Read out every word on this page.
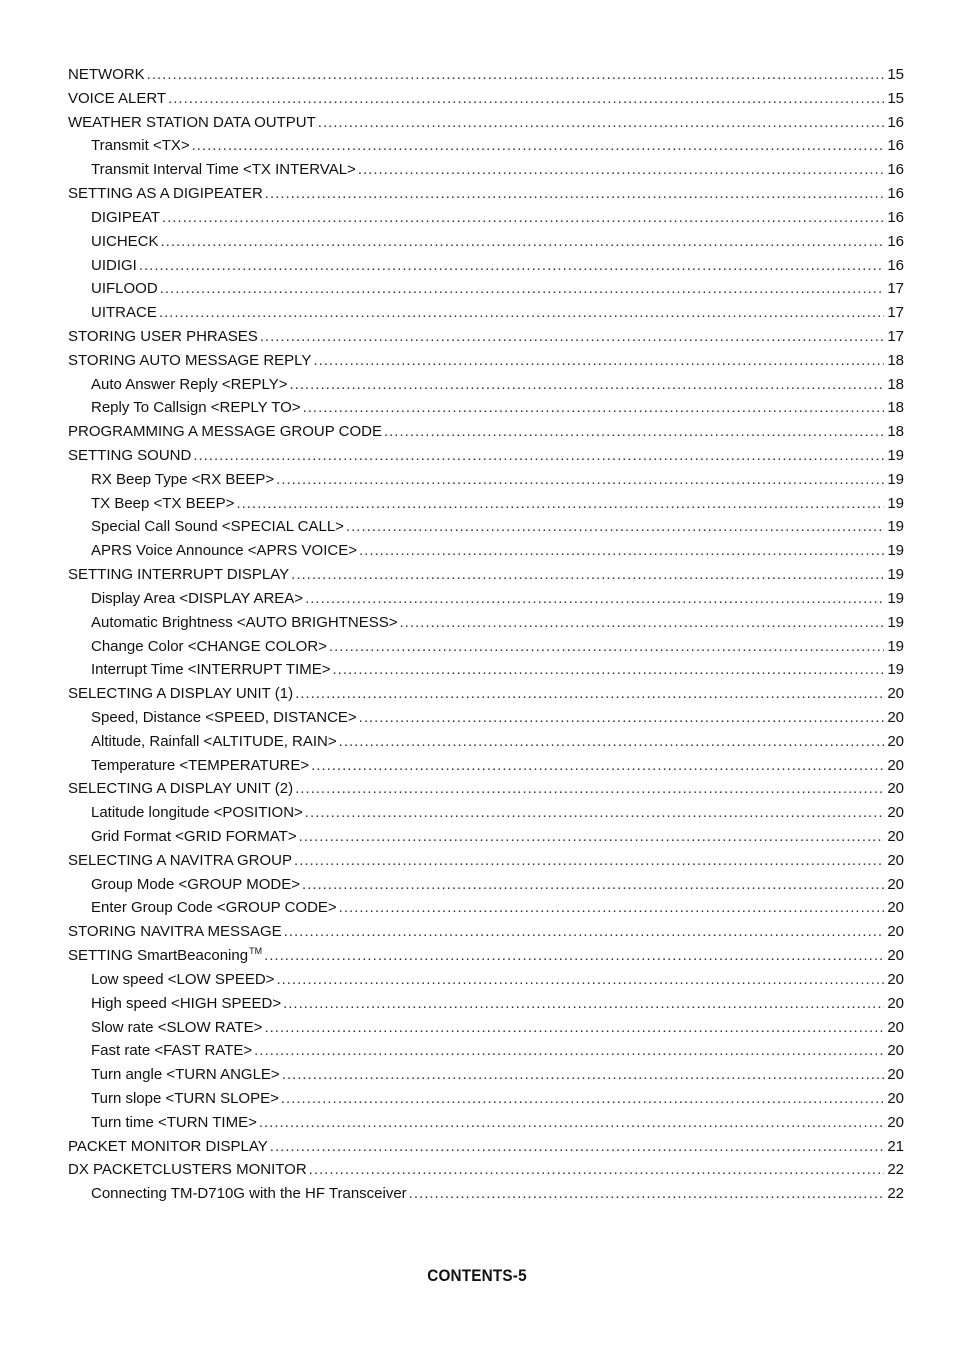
NETWORK .....	15
VOICE ALERT .....	15
WEATHER STATION DATA OUTPUT .....	16
Transmit <TX> .....	16
Transmit Interval Time <TX INTERVAL> .....	16
SETTING AS A DIGIPEATER .....	16
DIGIPEAT .....	16
UICHECK .....	16
UIDIGI .....	16
UIFLOOD .....	17
UITRACE .....	17
STORING USER PHRASES .....	17
STORING AUTO MESSAGE REPLY .....	18
Auto Answer Reply <REPLY> .....	18
Reply To Callsign <REPLY TO> .....	18
PROGRAMMING A MESSAGE GROUP CODE .....	18
SETTING SOUND .....	19
RX Beep Type <RX BEEP> .....	19
TX Beep <TX BEEP> .....	19
Special Call Sound <SPECIAL CALL> .....	19
APRS Voice Announce <APRS VOICE> .....	19
SETTING INTERRUPT DISPLAY .....	19
Display Area <DISPLAY AREA> .....	19
Automatic Brightness <AUTO BRIGHTNESS> .....	19
Change Color <CHANGE COLOR> .....	19
Interrupt Time <INTERRUPT TIME> .....	19
SELECTING A DISPLAY UNIT (1) .....	20
Speed, Distance <SPEED, DISTANCE> .....	20
Altitude, Rainfall <ALTITUDE, RAIN> .....	20
Temperature <TEMPERATURE> .....	20
SELECTING A DISPLAY UNIT (2) .....	20
Latitude longitude <POSITION> .....	20
Grid Format <GRID FORMAT> .....	20
SELECTING A NAVITRA GROUP .....	20
Group Mode <GROUP MODE> .....	20
Enter Group Code <GROUP CODE> .....	20
STORING NAVITRA MESSAGE .....	20
SETTING SmartBeaconing TM .....	20
Low speed <LOW SPEED> .....	20
High speed <HIGH SPEED> .....	20
Slow rate <SLOW RATE> .....	20
Fast rate <FAST RATE> .....	20
Turn angle <TURN ANGLE> .....	20
Turn slope <TURN SLOPE> .....	20
Turn time <TURN TIME> .....	20
PACKET MONITOR DISPLAY .....	21
DX PACKETCLUSTERS MONITOR .....	22
Connecting TM-D710G with the HF Transceiver .....	22
CONTENTS-5
